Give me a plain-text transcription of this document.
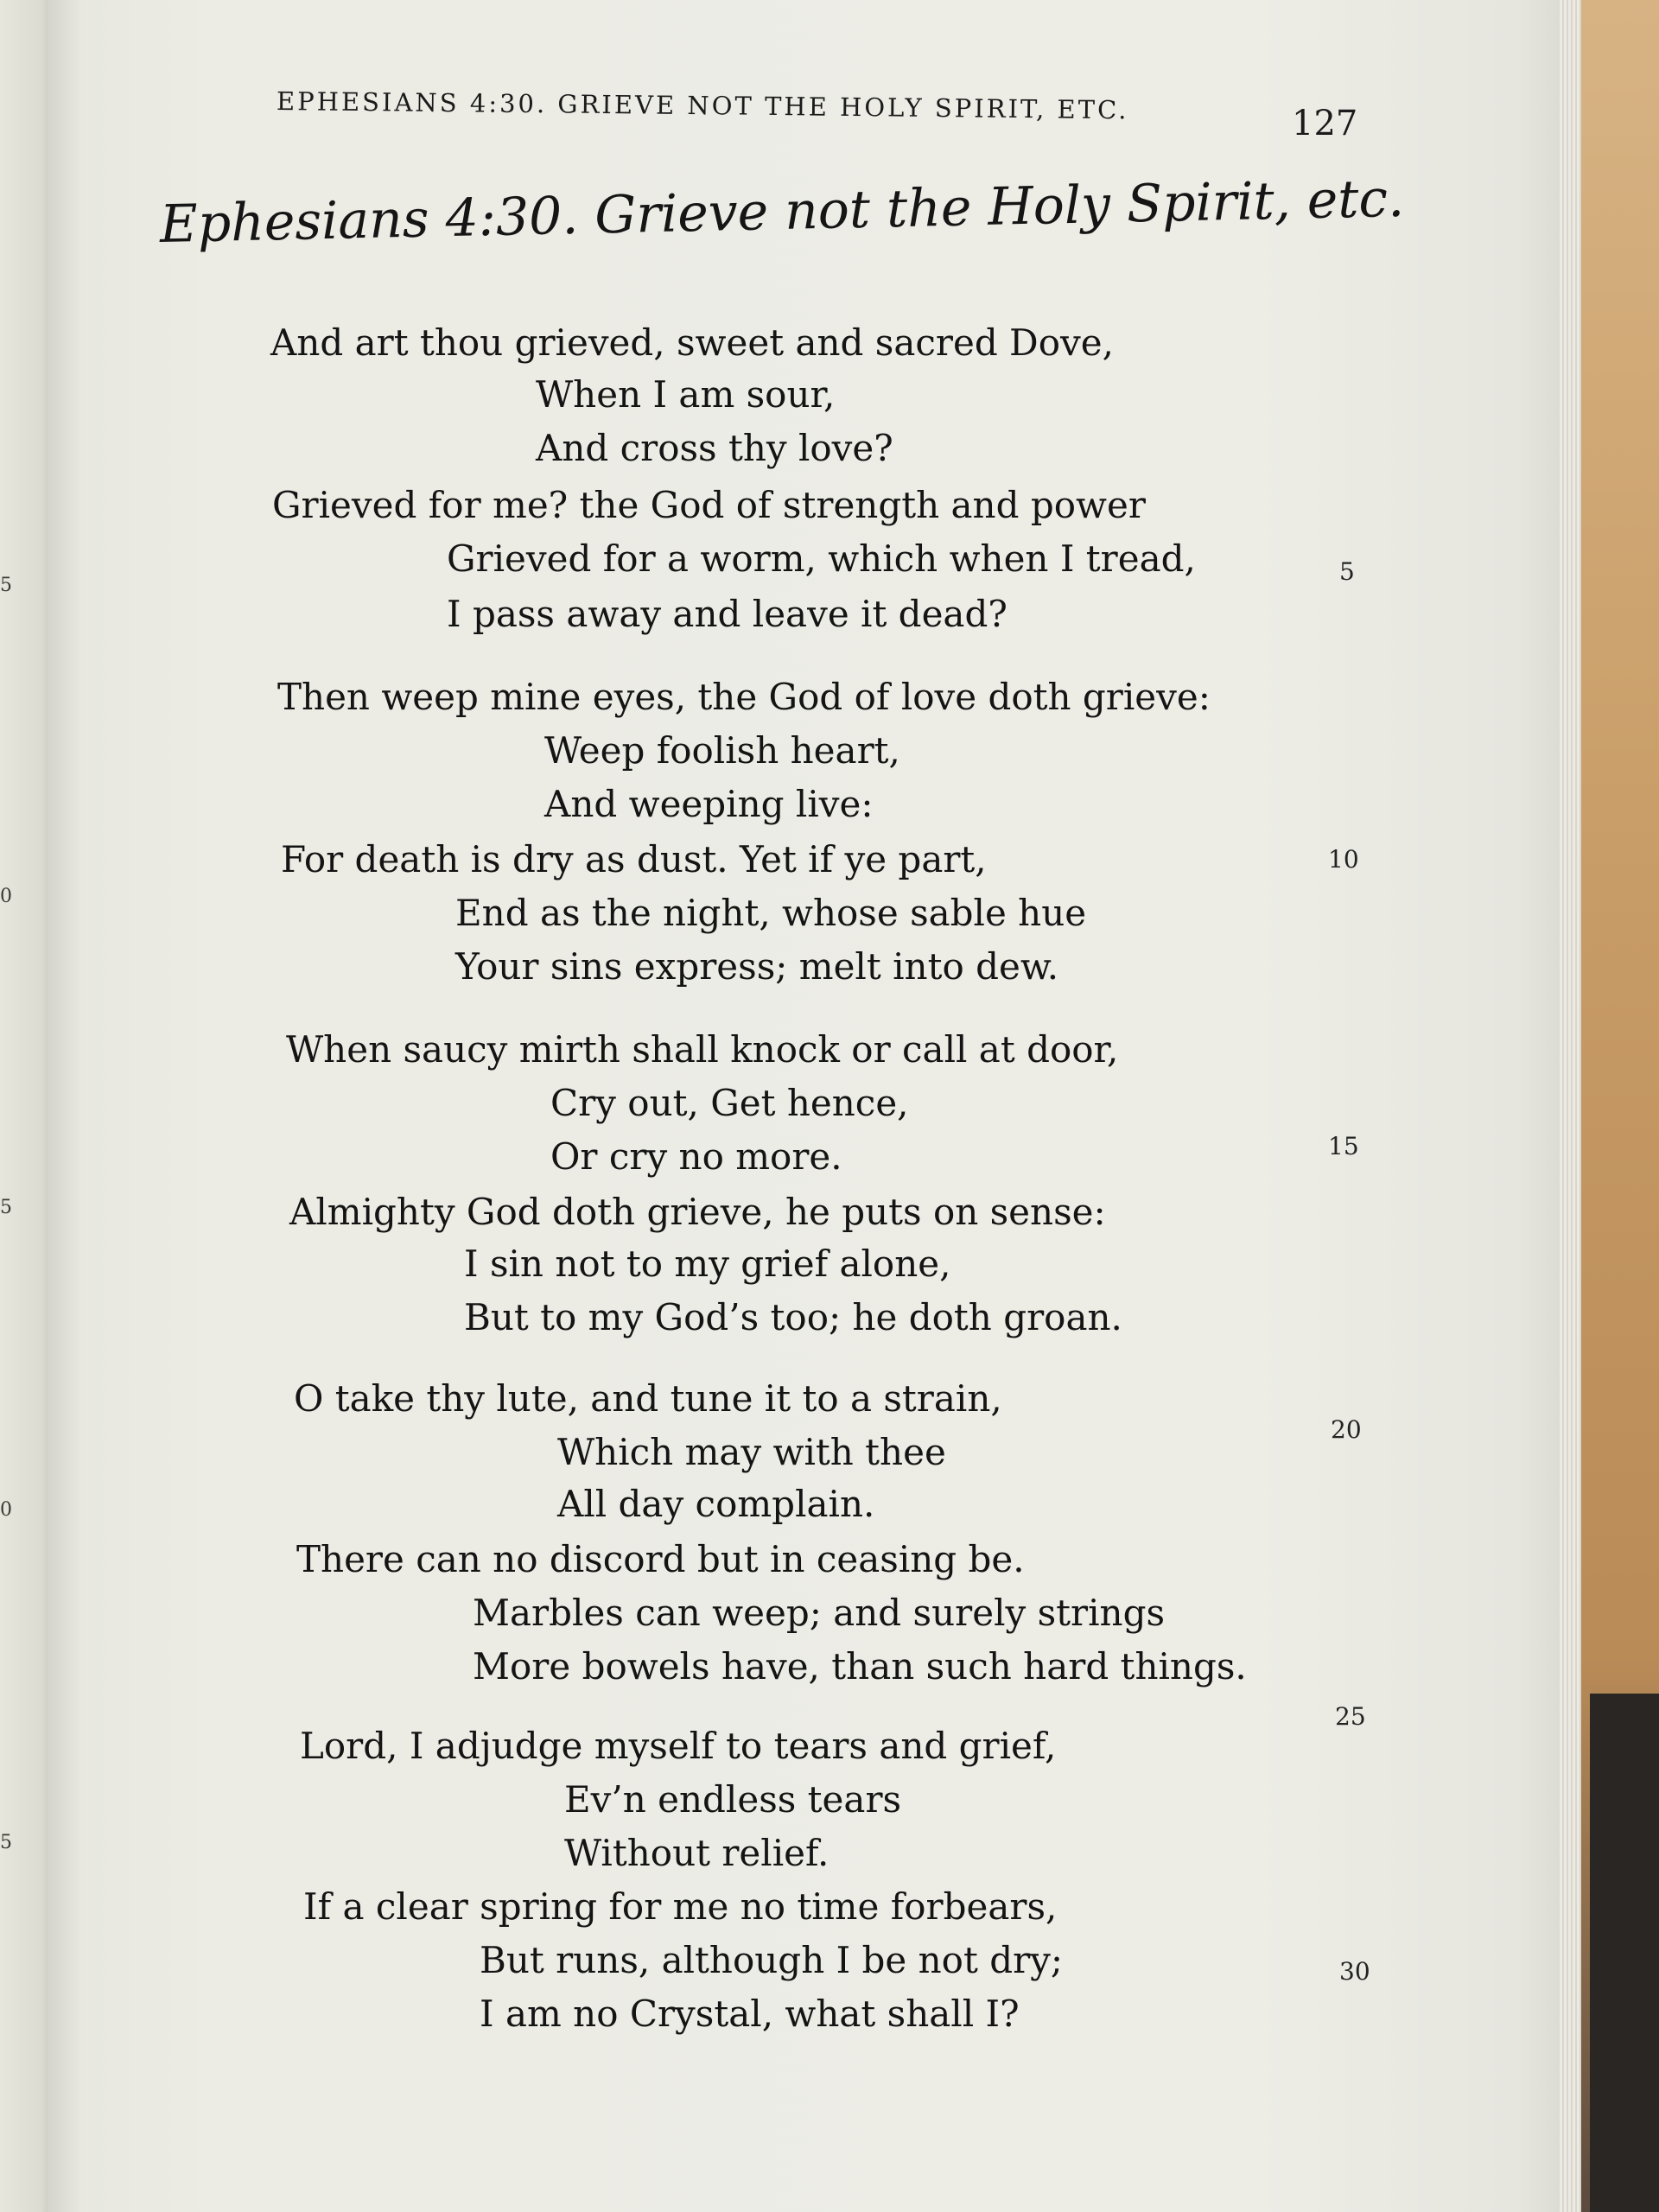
5
0
5
0
5
EPHESIANS 4:30. GRIEVE NOT THE HOLY SPIRIT, ETC.	127
Ephesians 4:30. Grieve not the Holy Spirit, etc.
And art thou grieved, sweet and sacred Dove,
When I am sour,
And cross thy love?
Grieved for me? the God of strength and power
Grieved for a worm, which when I tread,
I pass away and leave it dead?
Then weep mine eyes, the God of love doth grieve:
Weep foolish heart,
And weeping live:
For death is dry as dust. Yet if ye part,
End as the night, whose sable hue
Your sins express; melt into dew.
When saucy mirth shall knock or call at door,
Cry out, Get hence,
Or cry no more.
Almighty God doth grieve, he puts on sense:
I sin not to my grief alone,
But to my God’s too; he doth groan.
O take thy lute, and tune it to a strain,
Which may with thee
All day complain.
There can no discord but in ceasing be.
Marbles can weep; and surely strings
More bowels have, than such hard things.
Lord, I adjudge myself to tears and grief,
Ev’n endless tears
Without relief.
If a clear spring for me no time forbears,
But runs, although I be not dry;
I am no Crystal, what shall I?
5
10
15
20
25
30
